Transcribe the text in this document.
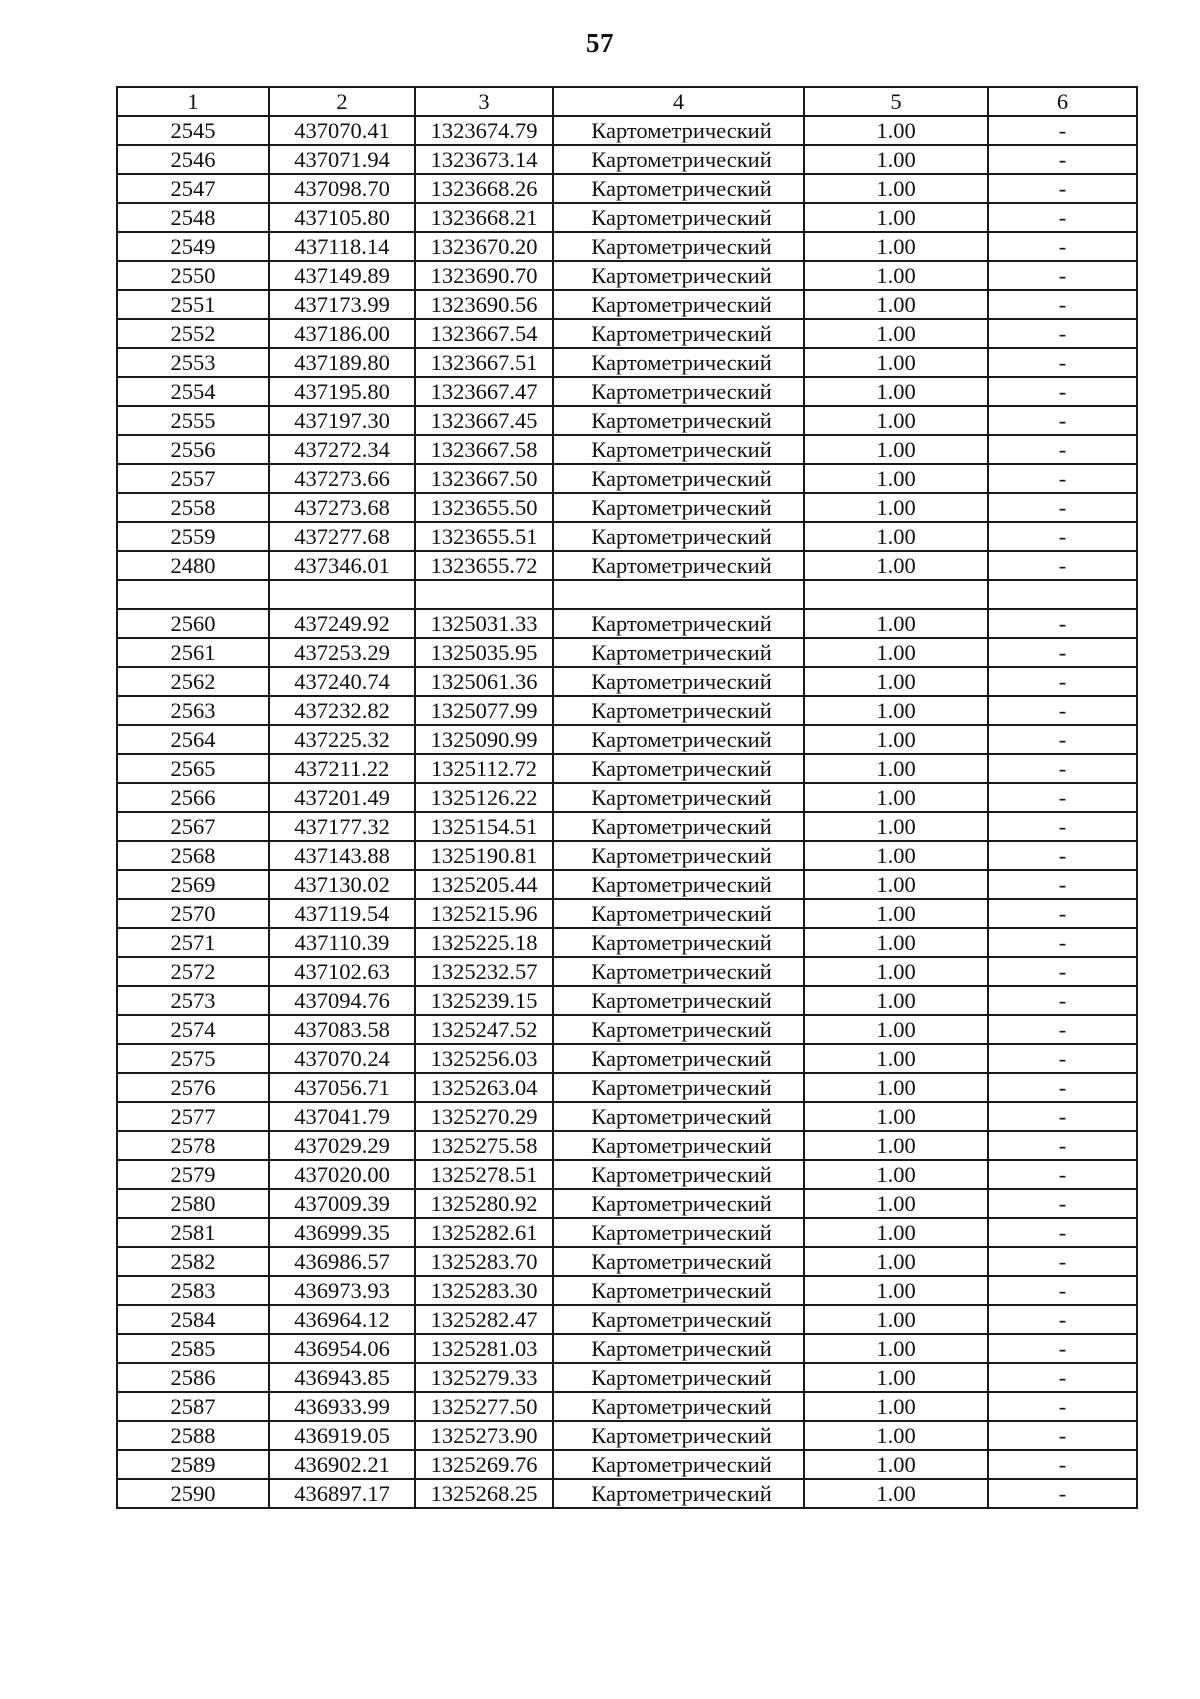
57
1	2	3	4	5	6
2545	437070.41	1323674.79	Картометрический	1.00	-
2546	437071.94	1323673.14	Картометрический	1.00	-
2547	437098.70	1323668.26	Картометрический	1.00	-
2548	437105.80	1323668.21	Картометрический	1.00	-
2549	437118.14	1323670.20	Картометрический	1.00	-
2550	437149.89	1323690.70	Картометрический	1.00	-
2551	437173.99	1323690.56	Картометрический	1.00	-
2552	437186.00	1323667.54	Картометрический	1.00	-
2553	437189.80	1323667.51	Картометрический	1.00	-
2554	437195.80	1323667.47	Картометрический	1.00	-
2555	437197.30	1323667.45	Картометрический	1.00	-
2556	437272.34	1323667.58	Картометрический	1.00	-
2557	437273.66	1323667.50	Картометрический	1.00	-
2558	437273.68	1323655.50	Картометрический	1.00	-
2559	437277.68	1323655.51	Картометрический	1.00	-
2480	437346.01	1323655.72	Картометрический	1.00	-

2560	437249.92	1325031.33	Картометрический	1.00	-
2561	437253.29	1325035.95	Картометрический	1.00	-
2562	437240.74	1325061.36	Картометрический	1.00	-
2563	437232.82	1325077.99	Картометрический	1.00	-
2564	437225.32	1325090.99	Картометрический	1.00	-
2565	437211.22	1325112.72	Картометрический	1.00	-
2566	437201.49	1325126.22	Картометрический	1.00	-
2567	437177.32	1325154.51	Картометрический	1.00	-
2568	437143.88	1325190.81	Картометрический	1.00	-
2569	437130.02	1325205.44	Картометрический	1.00	-
2570	437119.54	1325215.96	Картометрический	1.00	-
2571	437110.39	1325225.18	Картометрический	1.00	-
2572	437102.63	1325232.57	Картометрический	1.00	-
2573	437094.76	1325239.15	Картометрический	1.00	-
2574	437083.58	1325247.52	Картометрический	1.00	-
2575	437070.24	1325256.03	Картометрический	1.00	-
2576	437056.71	1325263.04	Картометрический	1.00	-
2577	437041.79	1325270.29	Картометрический	1.00	-
2578	437029.29	1325275.58	Картометрический	1.00	-
2579	437020.00	1325278.51	Картометрический	1.00	-
2580	437009.39	1325280.92	Картометрический	1.00	-
2581	436999.35	1325282.61	Картометрический	1.00	-
2582	436986.57	1325283.70	Картометрический	1.00	-
2583	436973.93	1325283.30	Картометрический	1.00	-
2584	436964.12	1325282.47	Картометрический	1.00	-
2585	436954.06	1325281.03	Картометрический	1.00	-
2586	436943.85	1325279.33	Картометрический	1.00	-
2587	436933.99	1325277.50	Картометрический	1.00	-
2588	436919.05	1325273.90	Картометрический	1.00	-
2589	436902.21	1325269.76	Картометрический	1.00	-
2590	436897.17	1325268.25	Картометрический	1.00	-
